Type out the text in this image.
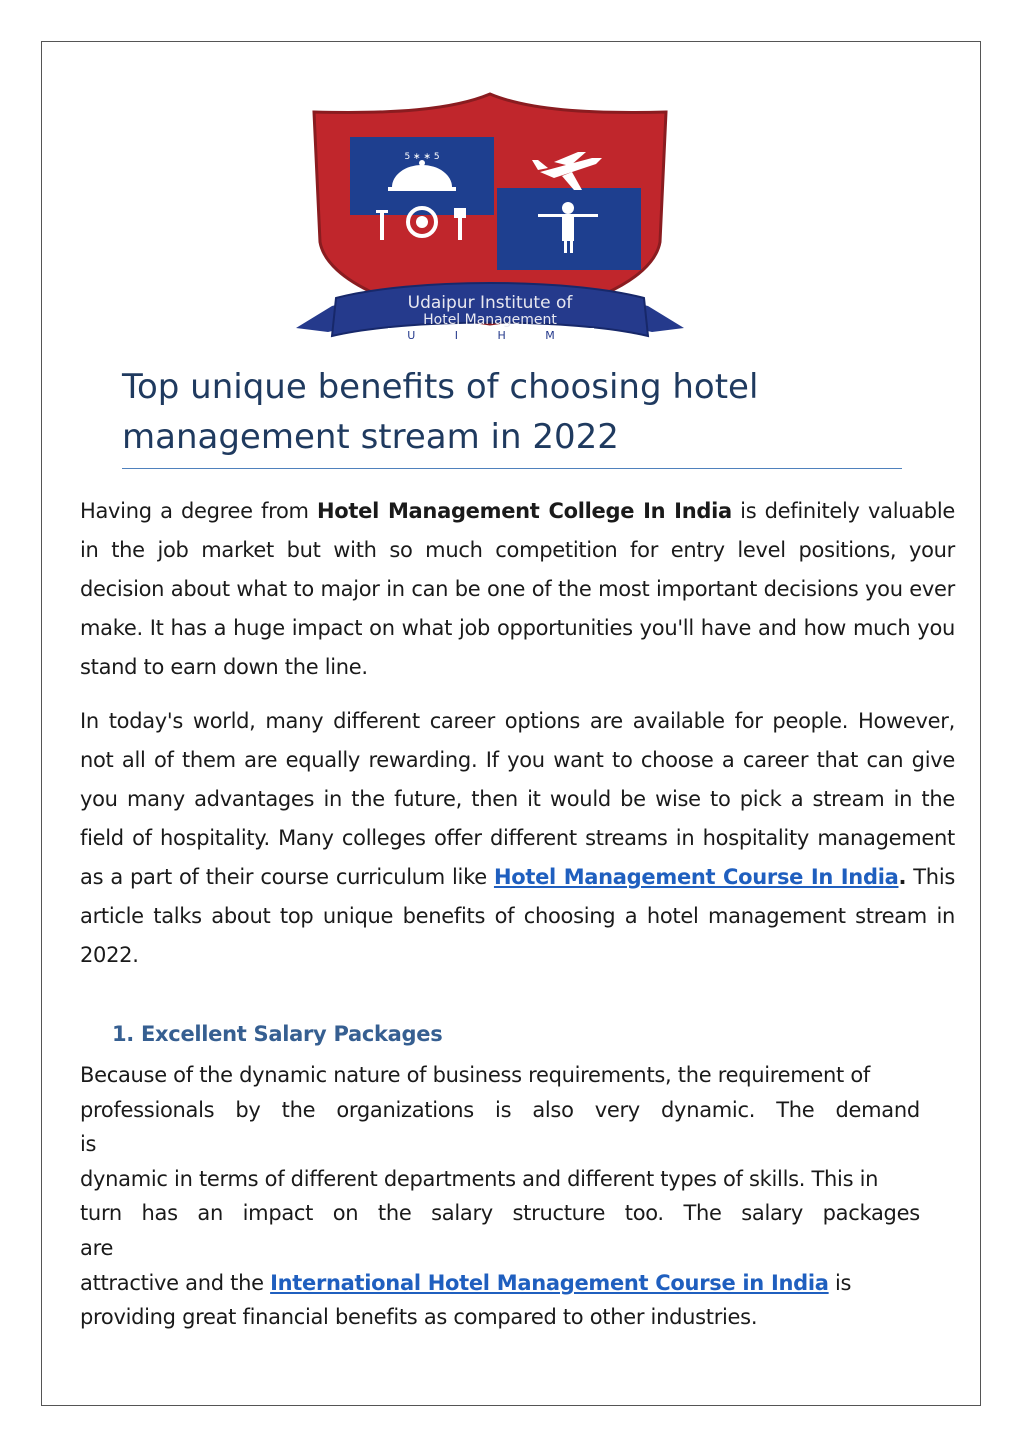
5 ∗ ∗ 5
Udaipur Institute of
Hotel Management
U I H M
Top unique benefits of choosing hotel
management stream in 2022

Having a degree from Hotel Management College In India is definitely valuable in the job market but with so much competition for entry level positions, your decision about what to major in can be one of the most important decisions you ever make. It has a huge impact on what job opportunities you'll have and how much you stand to earn down the line.

In today's world, many different career options are available for people. However, not all of them are equally rewarding. If you want to choose a career that can give you many advantages in the future, then it would be wise to pick a stream in the field of hospitality. Many colleges offer different streams in hospitality management as a part of their course curriculum like Hotel Management Course In India. This article talks about top unique benefits of choosing a hotel management stream in 2022.

1. Excellent Salary Packages
Because of the dynamic nature of business requirements, the requirement of
professionals by the organizations is also very dynamic. The demand
is
dynamic in terms of different departments and different types of skills. This in
turn has an impact on the salary structure too. The salary packages
are
attractive and the International Hotel Management Course in India is
providing great financial benefits as compared to other industries.
